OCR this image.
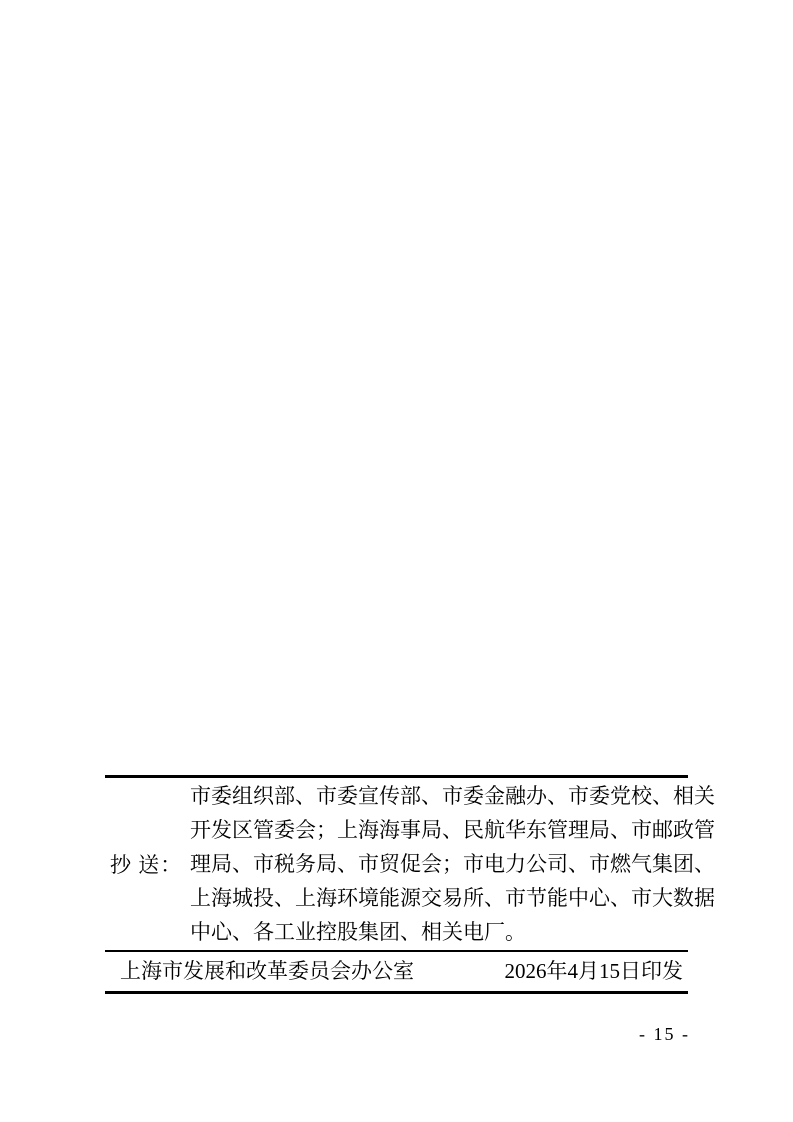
抄 送：
市委组织部、市委宣传部、市委金融办、市委党校、相关
开发区管委会；上海海事局、民航华东管理局、市邮政管
理局、市税务局、市贸促会；市电力公司、市燃气集团、
上海城投、上海环境能源交易所、市节能中心、市大数据
中心、各工业控股集团、相关电厂。
上海市发展和改革委员会办公室	2026年4月15日印发
- 15 -
